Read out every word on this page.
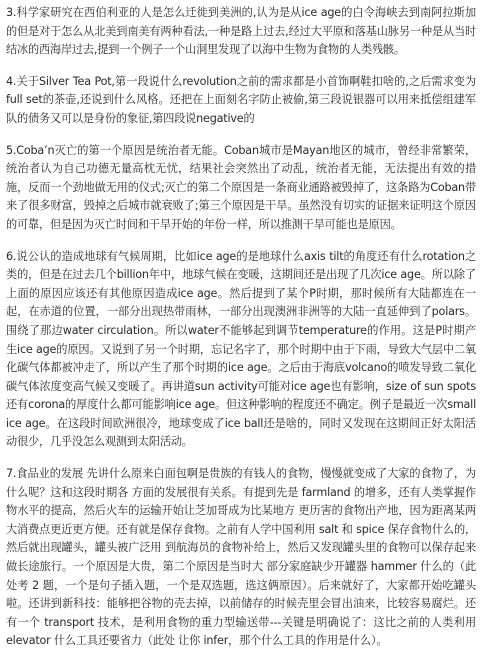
3.科学家研究在西伯利亚的人是怎么迁徙到美洲的,认为是从ice age的白令海峡去到南阿拉斯加的但是对于怎么从北美到南美有两种看法,一种是路上过去,经过大平原和落基山脉另一种是从当时结冰的西海岸过去,提到一个例子一个山洞里发现了以海中生物为食物的人类残骸。

4.关于Silver Tea Pot,第一段说什么revolution之前的需求都是小首饰啊鞋扣啥的,之后需求变为full set的茶壶,还说到什么风格。还把在上面刻名字防止被偷,第三段说银器可以用来抵偿组建军队的债务又可以是身份的象征,第四段说negative的

5.Coba’n灭亡的第一个原因是统治者无能。Coban城市是Mayan地区的城市，曾经非常繁荣，统治者认为自己功德无量高枕无忧，结果社会突然出了动乱，统治者无能，无法提出有效的措施，反而一个劲地做无用的仪式;灭亡的第二个原因是一条商业通路被毁掉了，这条路为Coban带来了很多财富，毁掉之后城市就衰败了;第三个原因是干旱。虽然没有切实的证据来证明这个原因的可靠，但是因为灭亡时间和干旱开始的年份一样，所以推测干旱可能也是原因。

6.说公认的造成地球有气候周期，比如ice age的是地球什么axis tilt的角度还有什么rotation之类的，但是在过去几个billion年中，地球气候在变暖，这期间还是出现了几次ice age。所以除了上面的原因应该还有其他原因造成ice age。然后提到了某个P时期，那时候所有大陆都连在一起，在赤道的位置，一部分出现热带雨林，一部分出现澳洲非洲等的大陆一直延伸到了polars。围绕了那边water circulation。所以water不能够起到调节temperature的作用。这是P时期产生ice age的原因。又说到了另一个时期，忘记名字了，那个时期中由于下雨，导致大气层中二氧化碳气体都被冲走了，所以产生了那个时期的ice age。之后由于海底volcano的喷发导致二氧化碳气体浓度变高气候又变暖了。再讲道sun activity可能对ice age也有影响，size of sun spots还有corona的厚度什么都可能影响ice age。但这种影响的程度还不确定。例子是最近一次small ice age。在这段时间欧洲很冷，地球变成了ice ball还是啥的，同时又发现在这期间正好太阳活动很少，几乎没怎么观测到太阳活动。

7.食品业的发展 先讲什么原来白面包啊是贵族的有钱人的食物，慢慢就变成了大家的食物了，为什么呢？这和这段时期各 方面的发展很有关系。有提到先是 farmland 的增多，还有人类掌握作物水平的提高，然后火车的运输开始让芝加哥成为比某地方 更历害的食物出产地，因为距离某两大消费点更近更方便。还有就是保存食物。之前有人学中国利用 salt 和 spice 保存食物什么的，然后就出现罐头，罐头被广泛用 到航海员的食物补给上，然后又发现罐头里的食物可以保存起来做长途旅行。一个原因是大贵，第二个原因是当时大 部分家庭缺少开罐器 hammer 什么的（此处考 2 题，一个是句子插入题，一个是双选题，选这俩原因）。后来就好了，大家都开始吃罐头啦。还讲到新科技：能够把谷物的壳去掉，以前储存的时候壳里会冒出油来，比较容易腐烂。还有一个 transport 技术，是利用食物的重力型输送带---关键是明确说了：这比之前的人类利用 elevator 什么工具还要省力（此处 让你 infer，那个什么工具的作用是什么）。
